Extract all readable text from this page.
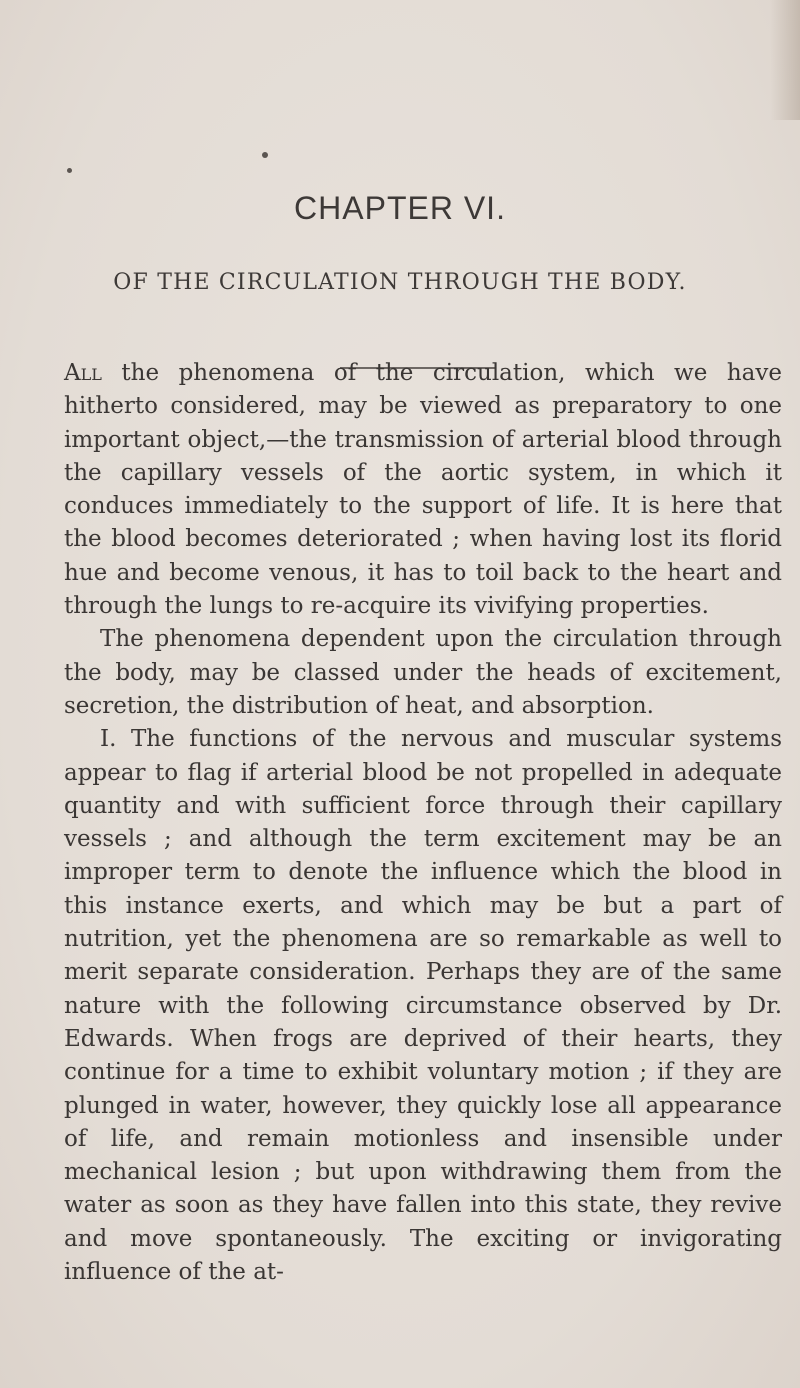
CHAPTER VI.
OF THE CIRCULATION THROUGH THE BODY.

All the phenomena of the circulation, which we have hitherto considered, may be viewed as preparatory to one important object,—the transmission of arterial blood through the capillary vessels of the aortic system, in which it conduces immediately to the support of life. It is here that the blood becomes deteriorated ; when having lost its florid hue and become venous, it has to toil back to the heart and through the lungs to re-acquire its vivifying properties.

The phenomena dependent upon the circulation through the body, may be classed under the heads of excitement, secretion, the distribution of heat, and absorption.

I. The functions of the nervous and muscular systems appear to flag if arterial blood be not propelled in adequate quantity and with sufficient force through their capillary vessels ; and although the term excitement may be an improper term to denote the influence which the blood in this instance exerts, and which may be but a part of nutrition, yet the phenomena are so remarkable as well to merit separate consideration. Perhaps they are of the same nature with the following circumstance observed by Dr. Edwards. When frogs are deprived of their hearts, they continue for a time to exhibit voluntary motion ; if they are plunged in water, however, they quickly lose all appearance of life, and remain motionless and insensible under mechanical lesion ; but upon withdrawing them from the water as soon as they have fallen into this state, they revive and move spontaneously. The exciting or invigorating influence of the at-
